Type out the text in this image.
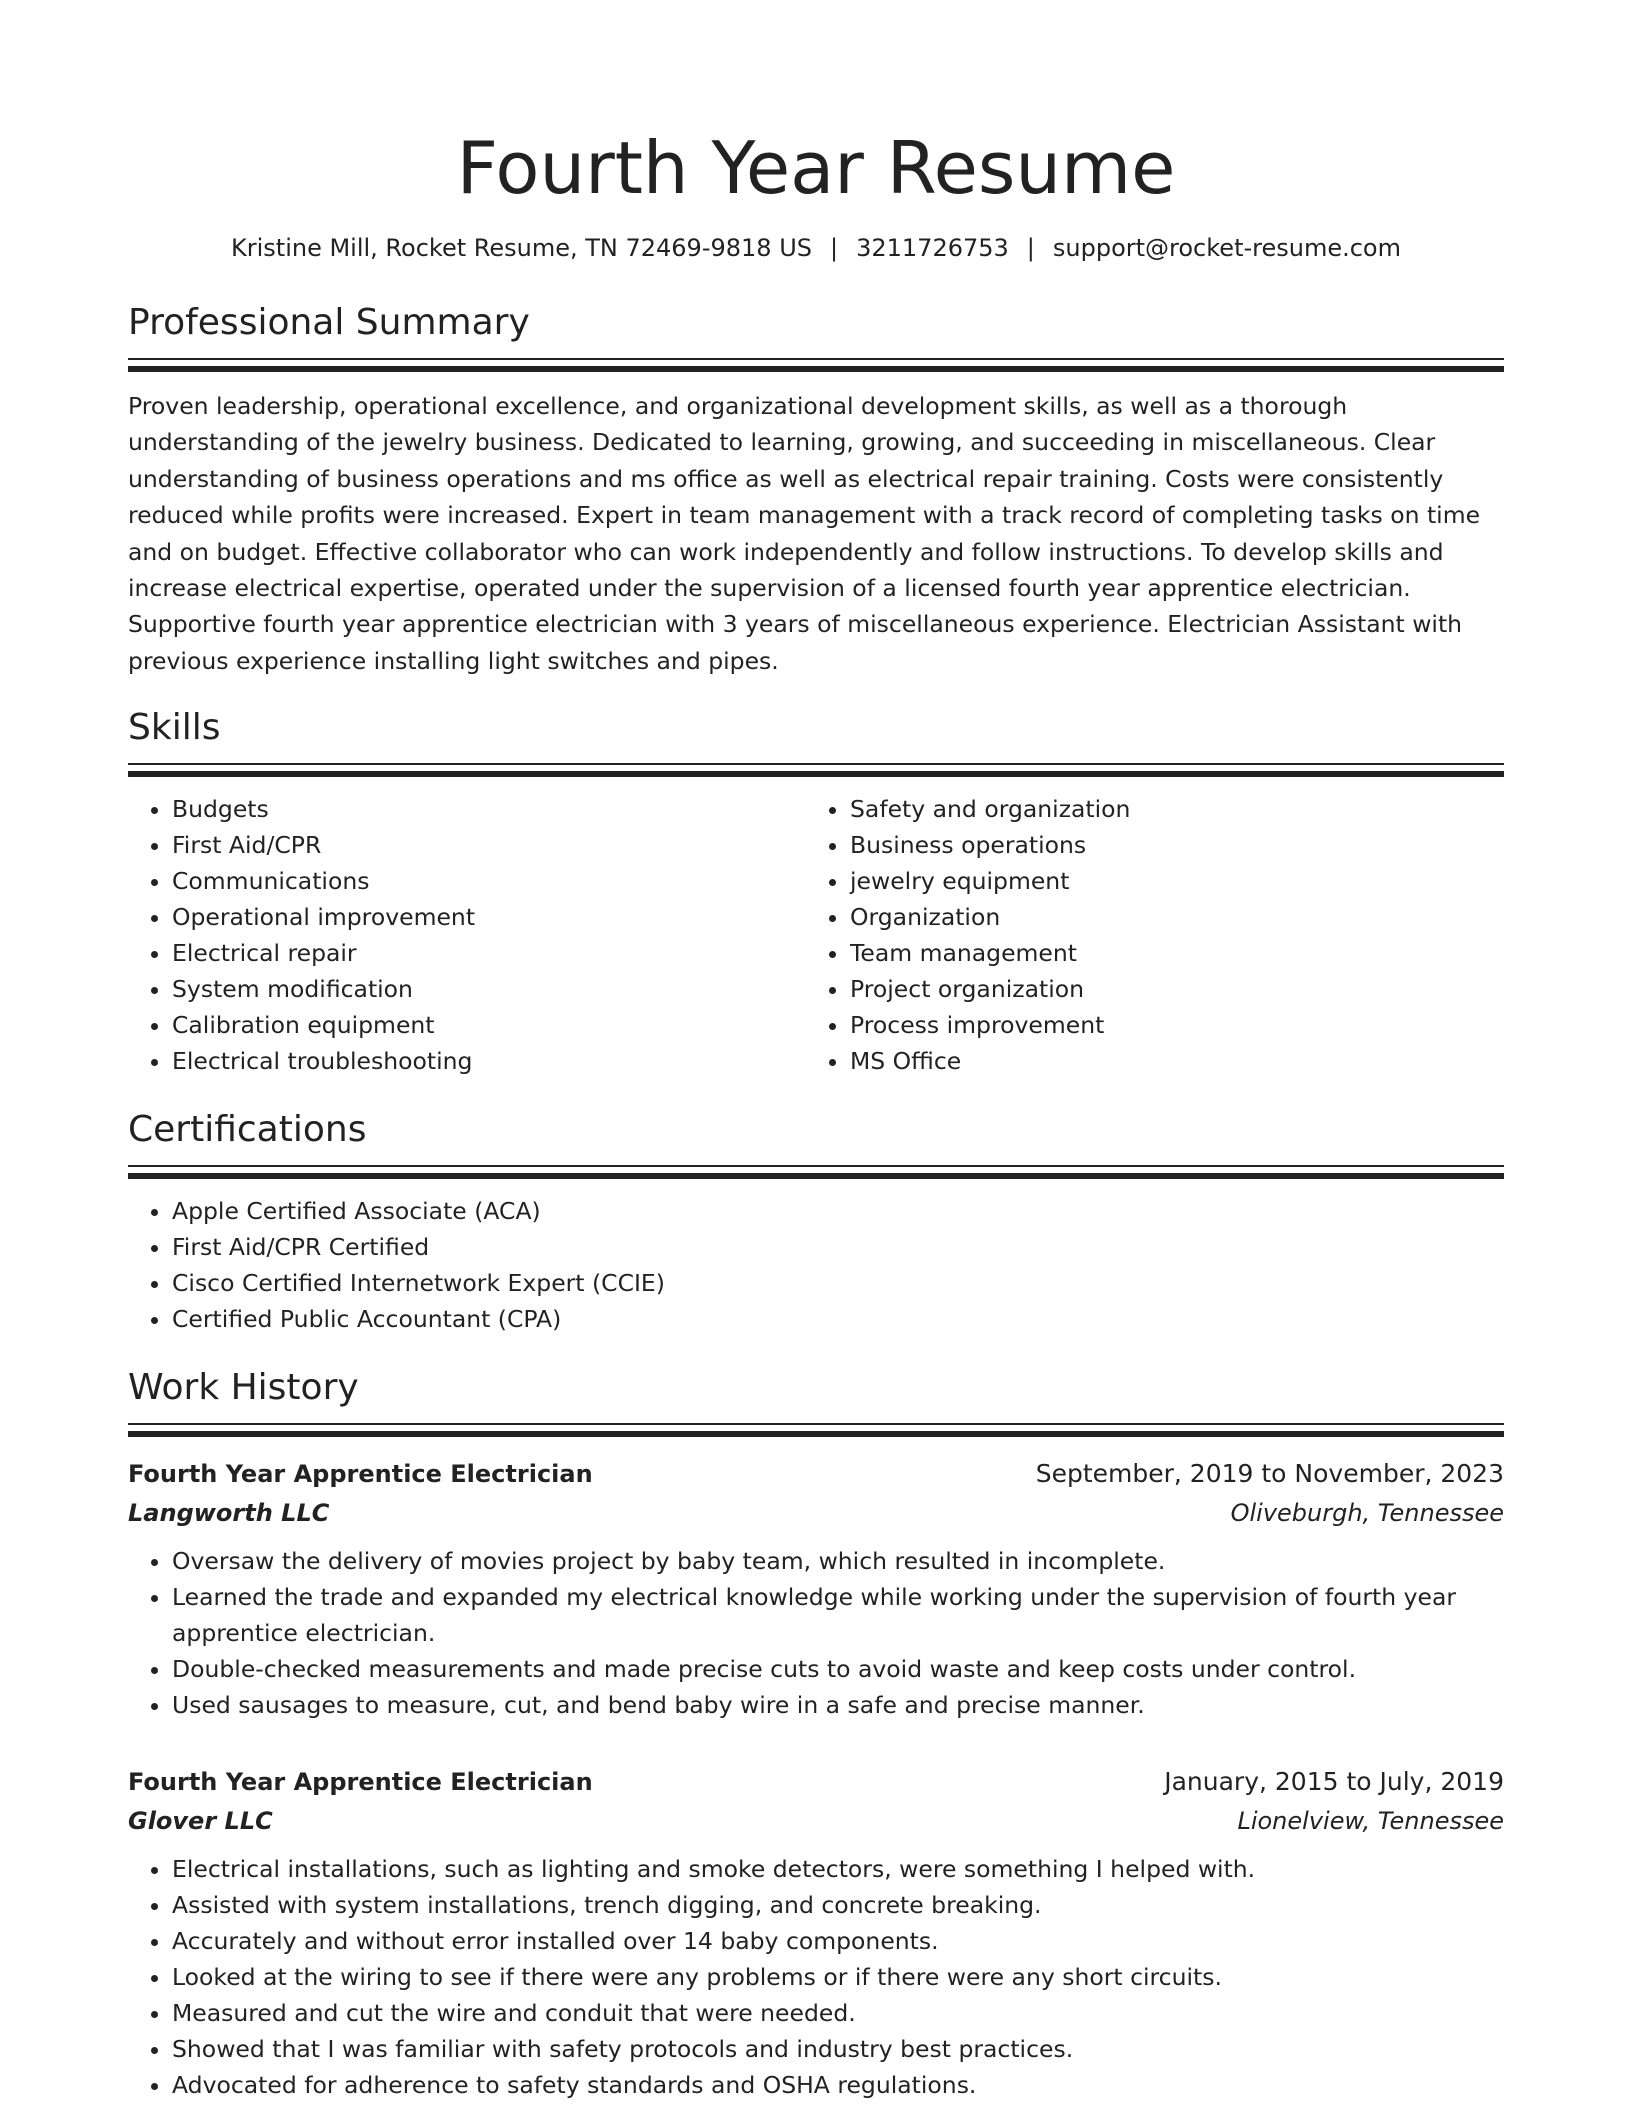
Fourth Year Resume
Kristine Mill, Rocket Resume, TN 72469-9818 US | 3211726753 | support@rocket-resume.com
Professional Summary
Proven leadership, operational excellence, and organizational development skills, as well as a thorough understanding of the jewelry business. Dedicated to learning, growing, and succeeding in miscellaneous. Clear understanding of business operations and ms office as well as electrical repair training. Costs were consistently reduced while profits were increased. Expert in team management with a track record of completing tasks on time and on budget. Effective collaborator who can work independently and follow instructions. To develop skills and increase electrical expertise, operated under the supervision of a licensed fourth year apprentice electrician. Supportive fourth year apprentice electrician with 3 years of miscellaneous experience. Electrician Assistant with previous experience installing light switches and pipes.
Skills
• Budgets
• First Aid/CPR
• Communications
• Operational improvement
• Electrical repair
• System modification
• Calibration equipment
• Electrical troubleshooting
• Safety and organization
• Business operations
• jewelry equipment
• Organization
• Team management
• Project organization
• Process improvement
• MS Office
Certifications
• Apple Certified Associate (ACA)
• First Aid/CPR Certified
• Cisco Certified Internetwork Expert (CCIE)
• Certified Public Accountant (CPA)
Work History
Fourth Year Apprentice Electrician	September, 2019 to November, 2023
Langworth LLC	Oliveburgh, Tennessee
• Oversaw the delivery of movies project by baby team, which resulted in incomplete.
• Learned the trade and expanded my electrical knowledge while working under the supervision of fourth year apprentice electrician.
• Double-checked measurements and made precise cuts to avoid waste and keep costs under control.
• Used sausages to measure, cut, and bend baby wire in a safe and precise manner.
Fourth Year Apprentice Electrician	January, 2015 to July, 2019
Glover LLC	Lionelview, Tennessee
• Electrical installations, such as lighting and smoke detectors, were something I helped with.
• Assisted with system installations, trench digging, and concrete breaking.
• Accurately and without error installed over 14 baby components.
• Looked at the wiring to see if there were any problems or if there were any short circuits.
• Measured and cut the wire and conduit that were needed.
• Showed that I was familiar with safety protocols and industry best practices.
• Advocated for adherence to safety standards and OSHA regulations.
